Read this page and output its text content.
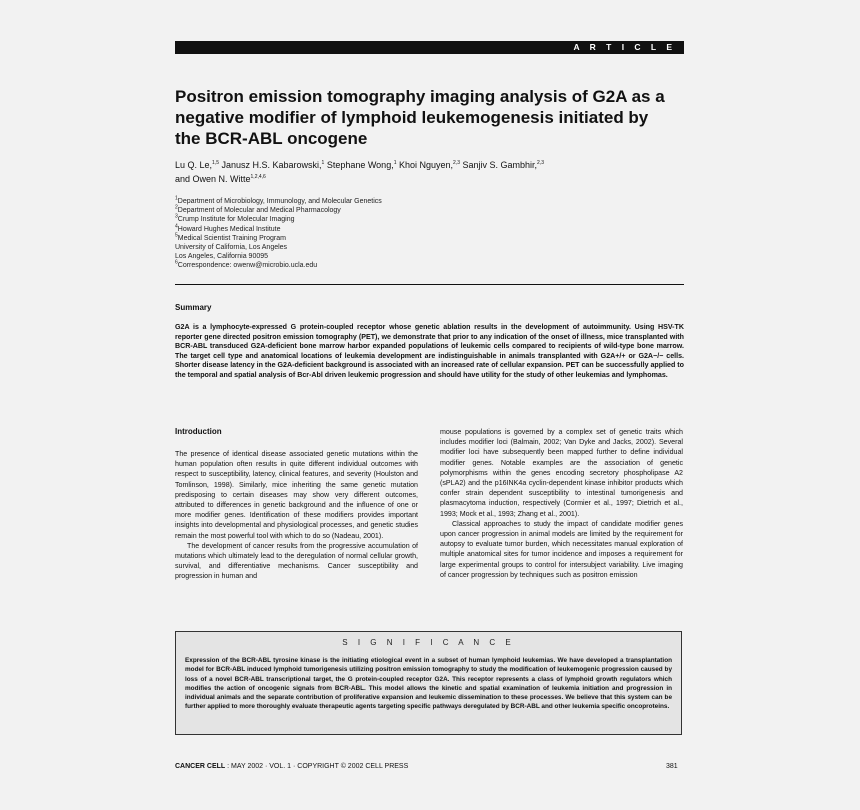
A R T I C L E
Positron emission tomography imaging analysis of G2A as a negative modifier of lymphoid leukemogenesis initiated by the BCR-ABL oncogene
Lu Q. Le,$^{1,5}$ Janusz H.S. Kabarowski,$^1$ Stephane Wong,$^1$ Khoi Nguyen,$^{2,3}$ Sanjiv S. Gambhir,$^{2,3}$
and Owen N. Witte$^{1,2,4,6}$
$^1$Department of Microbiology, Immunology, and Molecular Genetics
$^2$Department of Molecular and Medical Pharmacology
$^3$Crump Institute for Molecular Imaging
$^4$Howard Hughes Medical Institute
$^5$Medical Scientist Training Program
University of California, Los Angeles
Los Angeles, California 90095
$^6$Correspondence: owenw@microbio.ucla.edu
Summary

G2A is a lymphocyte-expressed G protein-coupled receptor whose genetic ablation results in the development of autoimmunity. Using HSV-TK reporter gene directed positron emission tomography (PET), we demonstrate that prior to any indication of the onset of illness, mice transplanted with BCR-ABL transduced G2A-deficient bone marrow harbor expanded populations of leukemic cells compared to recipients of wild-type bone marrow. The target cell type and anatomical locations of leukemia development are indistinguishable in animals transplanted with G2A+/+ or G2A−/− cells. Shorter disease latency in the G2A-deficient background is associated with an increased rate of cellular expansion. PET can be successfully applied to the temporal and spatial analysis of Bcr-Abl driven leukemic progression and should have utility for the study of other leukemias and lymphomas.

Introduction

The presence of identical disease associated genetic mutations within the human population often results in quite different individual outcomes with respect to susceptibility, latency, clinical features, and severity (Houlston and Tomlinson, 1998). Similarly, mice inheriting the same genetic mutation predisposing to certain diseases may show very different outcomes, attributed to differences in genetic background and the influence of one or more modifier genes. Identification of these modifiers provides important insights into developmental and physiological processes, and genetic studies remain the most powerful tool with which to do so (Nadeau, 2001).

The development of cancer results from the progressive accumulation of mutations which ultimately lead to the deregulation of normal cellular growth, survival, and differentiative mechanisms. Cancer susceptibility and progression in human and

mouse populations is governed by a complex set of genetic traits which includes modifier loci (Balmain, 2002; Van Dyke and Jacks, 2002). Several modifier loci have subsequently been mapped further to define individual modifier genes. Notable examples are the association of genetic polymorphisms within the genes encoding secretory phospholipase A2 (sPLA2) and the p16INK4a cyclin-dependent kinase inhibitor products which confer strain dependent susceptibility to intestinal tumorigenesis and plasmacytoma induction, respectively (Cormier et al., 1997; Dietrich et al., 1993; Mock et al., 1993; Zhang et al., 2001).

Classical approaches to study the impact of candidate modifier genes upon cancer progression in animal models are limited by the requirement for autopsy to evaluate tumor burden, which necessitates manual exploration of multiple anatomical sites for tumor incidence and imposes a requirement for large experimental groups to control for intersubject variability. Live imaging of cancer progression by techniques such as positron emission

S I G N I F I C A N C E

Expression of the BCR-ABL tyrosine kinase is the initiating etiological event in a subset of human lymphoid leukemias. We have developed a transplantation model for BCR-ABL induced lymphoid tumorigenesis utilizing positron emission tomography to study the modification of leukemogenic progression caused by loss of a novel BCR-ABL transcriptional target, the G protein-coupled receptor G2A. This receptor represents a class of lymphoid growth regulators which modifies the action of oncogenic signals from BCR-ABL. This model allows the kinetic and spatial examination of leukemia initiation and progression in individual animals and the separate contribution of proliferative expansion and leukemic dissemination to these processes. We believe that this system can be further applied to more thoroughly evaluate therapeutic agents targeting specific pathways deregulated by BCR-ABL and other leukemia specific oncoproteins.

CANCER CELL : MAY 2002 · VOL. 1 · COPYRIGHT © 2002 CELL PRESS	381
